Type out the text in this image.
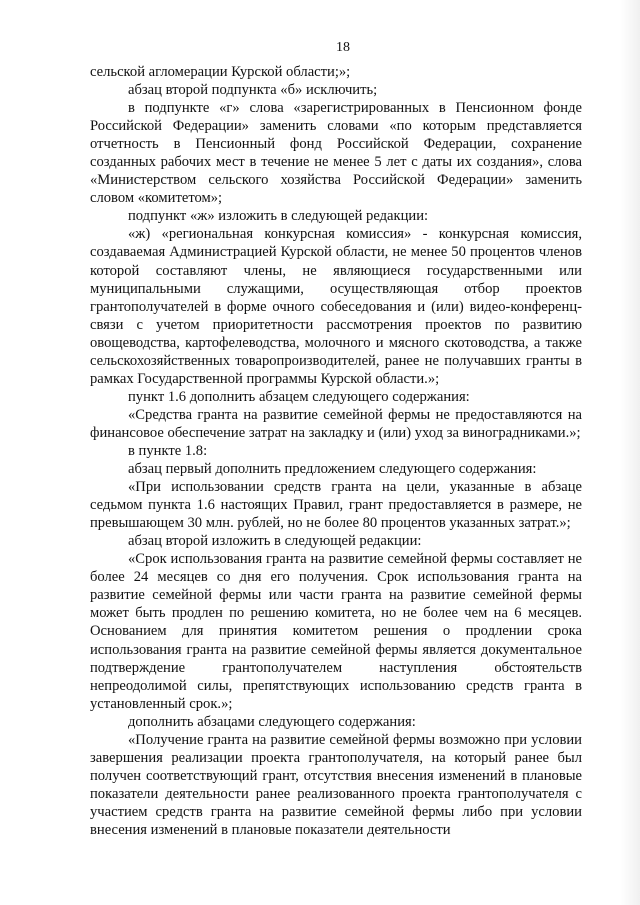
18

сельской агломерации Курской области;»;

абзац второй подпункта «б» исключить;

в подпункте «г» слова «зарегистрированных в Пенсионном фонде Российской Федерации» заменить словами «по которым представляется отчетность в Пенсионный фонд Российской Федерации, сохранение созданных рабочих мест в течение не менее 5 лет с даты их создания», слова «Министерством сельского хозяйства Российской Федерации» заменить словом «комитетом»;

подпункт «ж» изложить в следующей редакции:

«ж) «региональная конкурсная комиссия» - конкурсная комиссия, создаваемая Администрацией Курской области, не менее 50 процентов членов которой составляют члены, не являющиеся государственными или муниципальными служащими, осуществляющая отбор проектов грантополучателей в форме очного собеседования и (или) видео-конференц-связи с учетом приоритетности рассмотрения проектов по развитию овощеводства, картофелеводства, молочного и мясного скотоводства, а также сельскохозяйственных товаропроизводителей, ранее не получавших гранты в рамках Государственной программы Курской области.»;

пункт 1.6 дополнить абзацем следующего содержания:

«Средства гранта на развитие семейной фермы не предоставляются на финансовое обеспечение затрат на закладку и (или) уход за виноградниками.»;

в пункте 1.8:

абзац первый дополнить предложением следующего содержания:

«При использовании средств гранта на цели, указанные в абзаце седьмом пункта 1.6 настоящих Правил, грант предоставляется в размере, не превышающем 30 млн. рублей, но не более 80 процентов указанных затрат.»;

абзац второй изложить в следующей редакции:

«Срок использования гранта на развитие семейной фермы составляет не более 24 месяцев со дня его получения. Срок использования гранта на развитие семейной фермы или части гранта на развитие семейной фермы может быть продлен по решению комитета, но не более чем на 6 месяцев. Основанием для принятия комитетом решения о продлении срока использования гранта на развитие семейной фермы является документальное подтверждение грантополучателем наступления обстоятельств непреодолимой силы, препятствующих использованию средств гранта в установленный срок.»;

дополнить абзацами следующего содержания:

«Получение гранта на развитие семейной фермы возможно при условии завершения реализации проекта грантополучателя, на который ранее был получен соответствующий грант, отсутствия внесения изменений в плановые показатели деятельности ранее реализованного проекта грантополучателя с участием средств гранта на развитие семейной фермы либо при условии внесения изменений в плановые показатели деятельности
